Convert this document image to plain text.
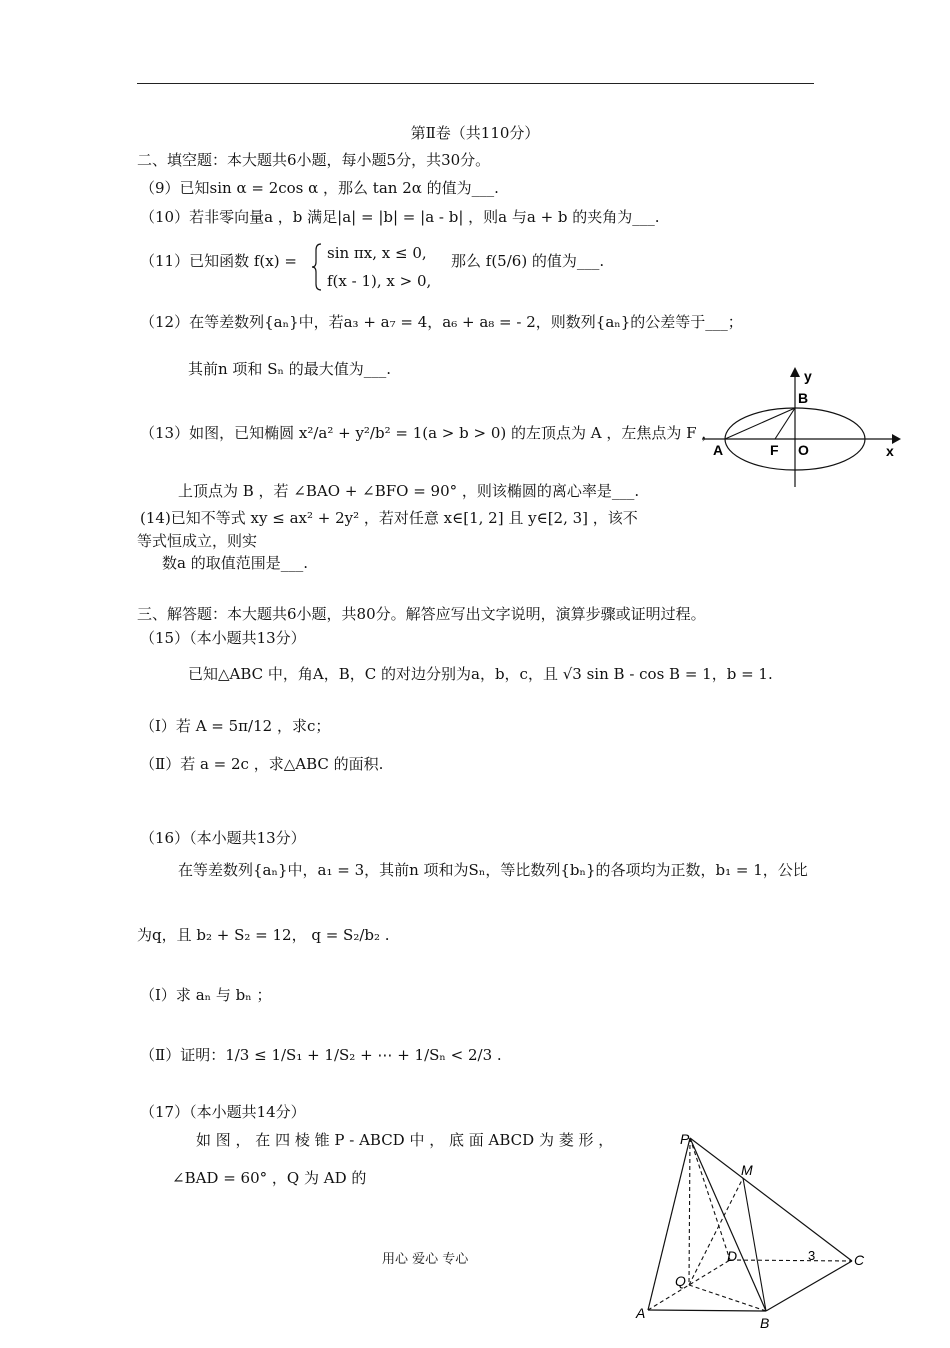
第Ⅱ卷（共110分）
二、填空题：本大题共6小题，每小题5分，共30分。
（9）已知sin α = 2cos α ，那么 tan 2α 的值为___.
（10）若非零向量a ，b 满足|a| = |b| = |a - b| ，则a 与a + b 的夹角为___.
（11）已知函数 f(x) = sin πx, x ≤ 0,
f(x - 1), x > 0,
那么 f(5/6) 的值为___.
（12）在等差数列{aₙ}中，若a₃ + a₇ = 4，a₆ + a₈ = - 2，则数列{aₙ}的公差等于___；
其前n 项和 Sₙ 的最大值为___.
（13）如图，已知椭圆 x²/a² + y²/b² = 1(a > b > 0) 的左顶点为 A ，左焦点为 F ，
上顶点为 B ，若 ∠BAO + ∠BFO = 90° ，则该椭圆的离心率是___.
y
x
B
A	F O
(14)已知不等式 xy ≤ ax² + 2y² ，若对任意 x∈[1, 2] 且 y∈[2, 3] ，该不
等式恒成立，则实
数a 的取值范围是___.
三、解答题：本大题共6小题，共80分。解答应写出文字说明，演算步骤或证明过程。
（15）（本小题共13分）
已知△ABC 中，角A，B，C 的对边分别为a，b，c，且 √3 sin B - cos B = 1，b = 1.
（Ⅰ）若 A = 5π/12 ，求c；
（Ⅱ）若 a = 2c ，求△ABC 的面积.
（16）（本小题共13分）
在等差数列{aₙ}中，a₁ = 3，其前n 项和为Sₙ，等比数列{bₙ}的各项均为正数，b₁ = 1，公比
为q，且 b₂ + S₂ = 12， q = S₂/b₂ .
（Ⅰ）求 aₙ 与 bₙ ；
（Ⅱ）证明：1/3 ≤ 1/S₁ + 1/S₂ + ⋯ + 1/Sₙ < 2/3 .
（17）（本小题共14分）
如 图 ， 在 四 棱 锥 P - ABCD 中 ， 底 面 ABCD 为 菱 形 ，
∠BAD = 60° ，Q 为 AD 的
P
M
D	3	C
Q
A
B
用心 爱心 专心
